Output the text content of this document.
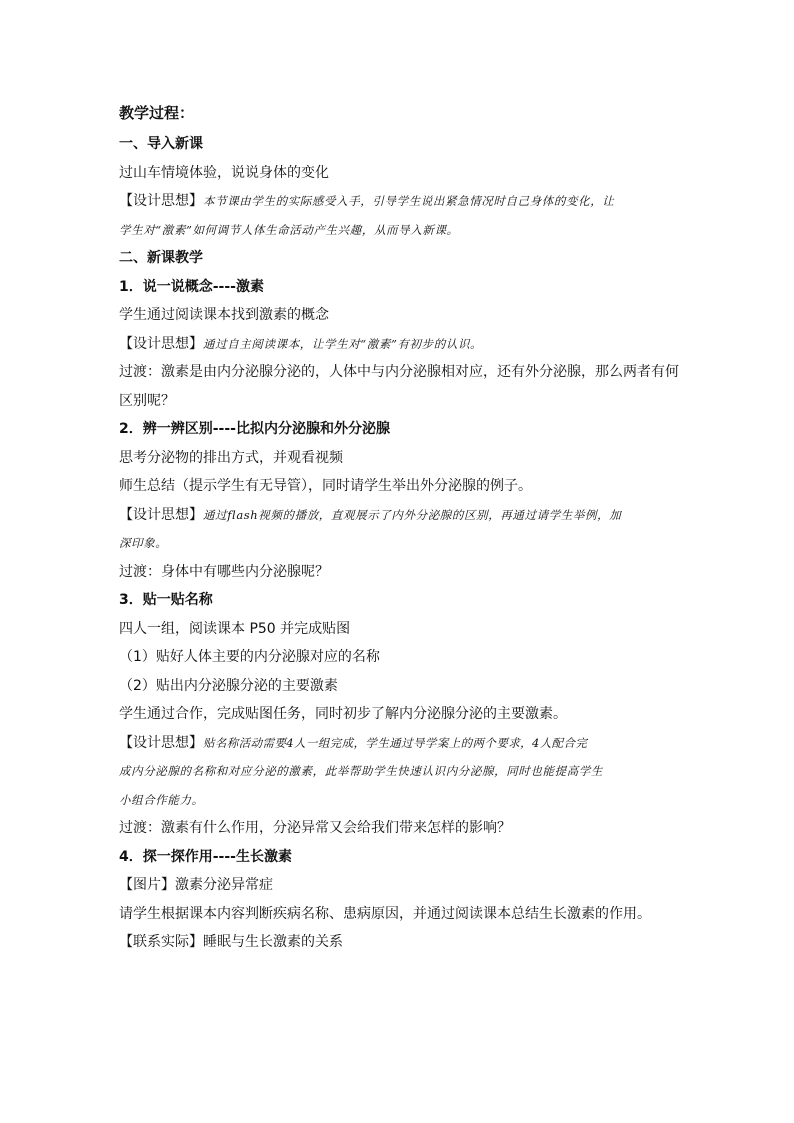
教学过程：
一、导入新课
过山车情境体验，说说身体的变化
【设计思想】本节课由学生的实际感受入手，引导学生说出紧急情况时自己身体的变化，让
学生对“激素”如何调节人体生命活动产生兴趣，从而导入新课。
二、新课教学
1．说一说概念----激素
学生通过阅读课本找到激素的概念
【设计思想】通过自主阅读课本，让学生对“激素”有初步的认识。
过渡：激素是由内分泌腺分泌的，人体中与内分泌腺相对应，还有外分泌腺，那么两者有何
区别呢？
2．辨一辨区别----比拟内分泌腺和外分泌腺
思考分泌物的排出方式，并观看视频
师生总结（提示学生有无导管），同时请学生举出外分泌腺的例子。
【设计思想】通过flash视频的播放，直观展示了内外分泌腺的区别，再通过请学生举例，加
深印象。
过渡：身体中有哪些内分泌腺呢？
3．贴一贴名称
四人一组，阅读课本 P50 并完成贴图
（1）贴好人体主要的内分泌腺对应的名称
（2）贴出内分泌腺分泌的主要激素
学生通过合作，完成贴图任务，同时初步了解内分泌腺分泌的主要激素。
【设计思想】贴名称活动需要4人一组完成，学生通过导学案上的两个要求，4人配合完
成内分泌腺的名称和对应分泌的激素，此举帮助学生快速认识内分泌腺，同时也能提高学生
小组合作能力。
过渡：激素有什么作用，分泌异常又会给我们带来怎样的影响？
4．探一探作用----生长激素
【图片】激素分泌异常症
请学生根据课本内容判断疾病名称、患病原因，并通过阅读课本总结生长激素的作用。
【联系实际】睡眠与生长激素的关系
